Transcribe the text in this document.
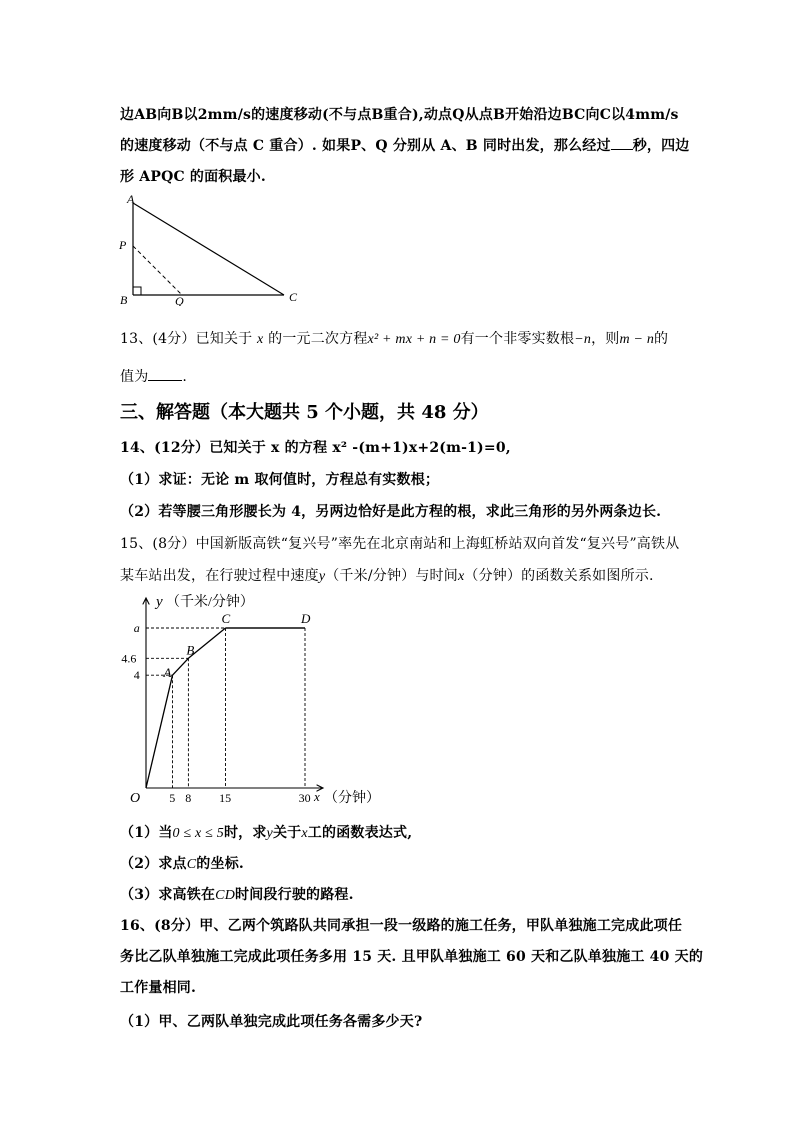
边AB向B以2mm/s的速度移动(不与点B重合),动点Q从点B开始沿边BC向C以4mm/s
的速度移动（不与点 C 重合）. 如果P、Q 分别从 A、B 同时出发，那么经过 秒，四边
形 APQC 的面积最小.
A
P
B	Q	C
13、(4分）已知关于 x 的一元二次方程x² + mx + n = 0有一个非零实数根−n，则m − n的
值为 .
三、解答题（本大题共 5 个小题，共 48 分）
14、(12分）已知关于 x 的方程 x² -(m+1)x+2(m-1)=0,
（1）求证：无论 m 取何值时，方程总有实数根；
（2）若等腰三角形腰长为 4，另两边恰好是此方程的根，求此三角形的另外两条边长.
15、(8分）中国新版高铁“复兴号”率先在北京南站和上海虹桥站双向首发“复兴号”高铁从
某车站出发，在行驶过程中速度y（千米/分钟）与时间x（分钟）的函数关系如图所示.
y （千米/分钟）
x （分钟）
O
A
B
C	D
5 8 15	30
4
4.6
a
（1）当0 ≤ x ≤ 5时，求y关于x工的函数表达式,
（2）求点C的坐标.
（3）求高铁在CD时间段行驶的路程.
16、(8分）甲、乙两个筑路队共同承担一段一级路的施工任务，甲队单独施工完成此项任
务比乙队单独施工完成此项任务多用 15 天. 且甲队单独施工 60 天和乙队单独施工 40 天的
工作量相同.
（1）甲、乙两队单独完成此项任务各需多少天?
